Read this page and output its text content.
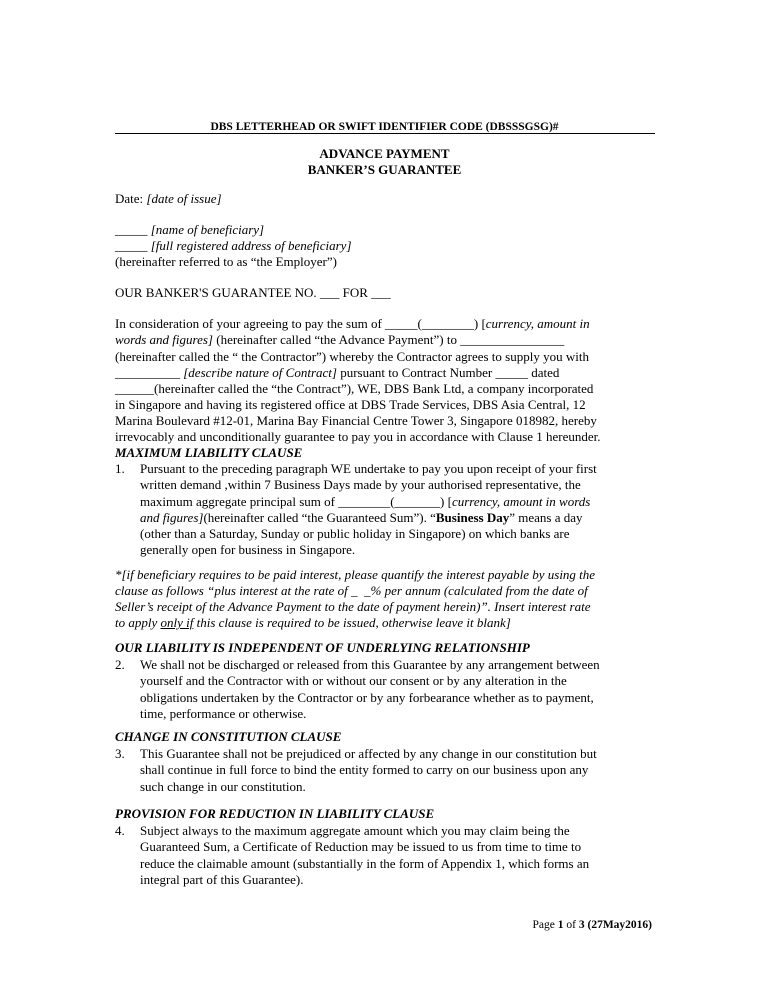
DBS LETTERHEAD OR SWIFT IDENTIFIER CODE (DBSSSGSG)#
ADVANCE PAYMENT
BANKER’S GUARANTEE
Date: [date of issue]
_____ [name of beneficiary]
_____ [full registered address of beneficiary]
(hereinafter referred to as “the Employer”)
OUR BANKER'S GUARANTEE NO. ___ FOR ___
In consideration of your agreeing to pay the sum of _____(________) [currency, amount in
words and figures] (hereinafter called “the Advance Payment”) to ________________
(hereinafter called the “ the Contractor”) whereby the Contractor agrees to supply you with
__________ [describe nature of Contract] pursuant to Contract Number _____ dated
______(hereinafter called the “the Contract”), WE, DBS Bank Ltd, a company incorporated
in Singapore and having its registered office at DBS Trade Services, DBS Asia Central, 12
Marina Boulevard #12-01, Marina Bay Financial Centre Tower 3, Singapore 018982, hereby
irrevocably and unconditionally guarantee to pay you in accordance with Clause 1 hereunder.
MAXIMUM LIABILITY CLAUSE
1. Pursuant to the preceding paragraph WE undertake to pay you upon receipt of your first
written demand ,within 7 Business Days made by your authorised representative, the
maximum aggregate principal sum of ________(_______) [currency, amount in words
and figures](hereinafter called “the Guaranteed Sum”). “Business Day” means a day
(other than a Saturday, Sunday or public holiday in Singapore) on which banks are
generally open for business in Singapore.
*[if beneficiary requires to be paid interest, please quantify the interest payable by using the
clause as follows “plus interest at the rate of _  _% per annum (calculated from the date of
Seller’s receipt of the Advance Payment to the date of payment herein)”. Insert interest rate
to apply only if this clause is required to be issued, otherwise leave it blank]
OUR LIABILITY IS INDEPENDENT OF UNDERLYING RELATIONSHIP
2. We shall not be discharged or released from this Guarantee by any arrangement between
yourself and the Contractor with or without our consent or by any alteration in the
obligations undertaken by the Contractor or by any forbearance whether as to payment,
time, performance or otherwise.
CHANGE IN CONSTITUTION CLAUSE
3. This Guarantee shall not be prejudiced or affected by any change in our constitution but
shall continue in full force to bind the entity formed to carry on our business upon any
such change in our constitution.
PROVISION FOR REDUCTION IN LIABILITY CLAUSE
4. Subject always to the maximum aggregate amount which you may claim being the
Guaranteed Sum, a Certificate of Reduction may be issued to us from time to time to
reduce the claimable amount (substantially in the form of Appendix 1, which forms an
integral part of this Guarantee).
Page 1 of 3 (27May2016)
